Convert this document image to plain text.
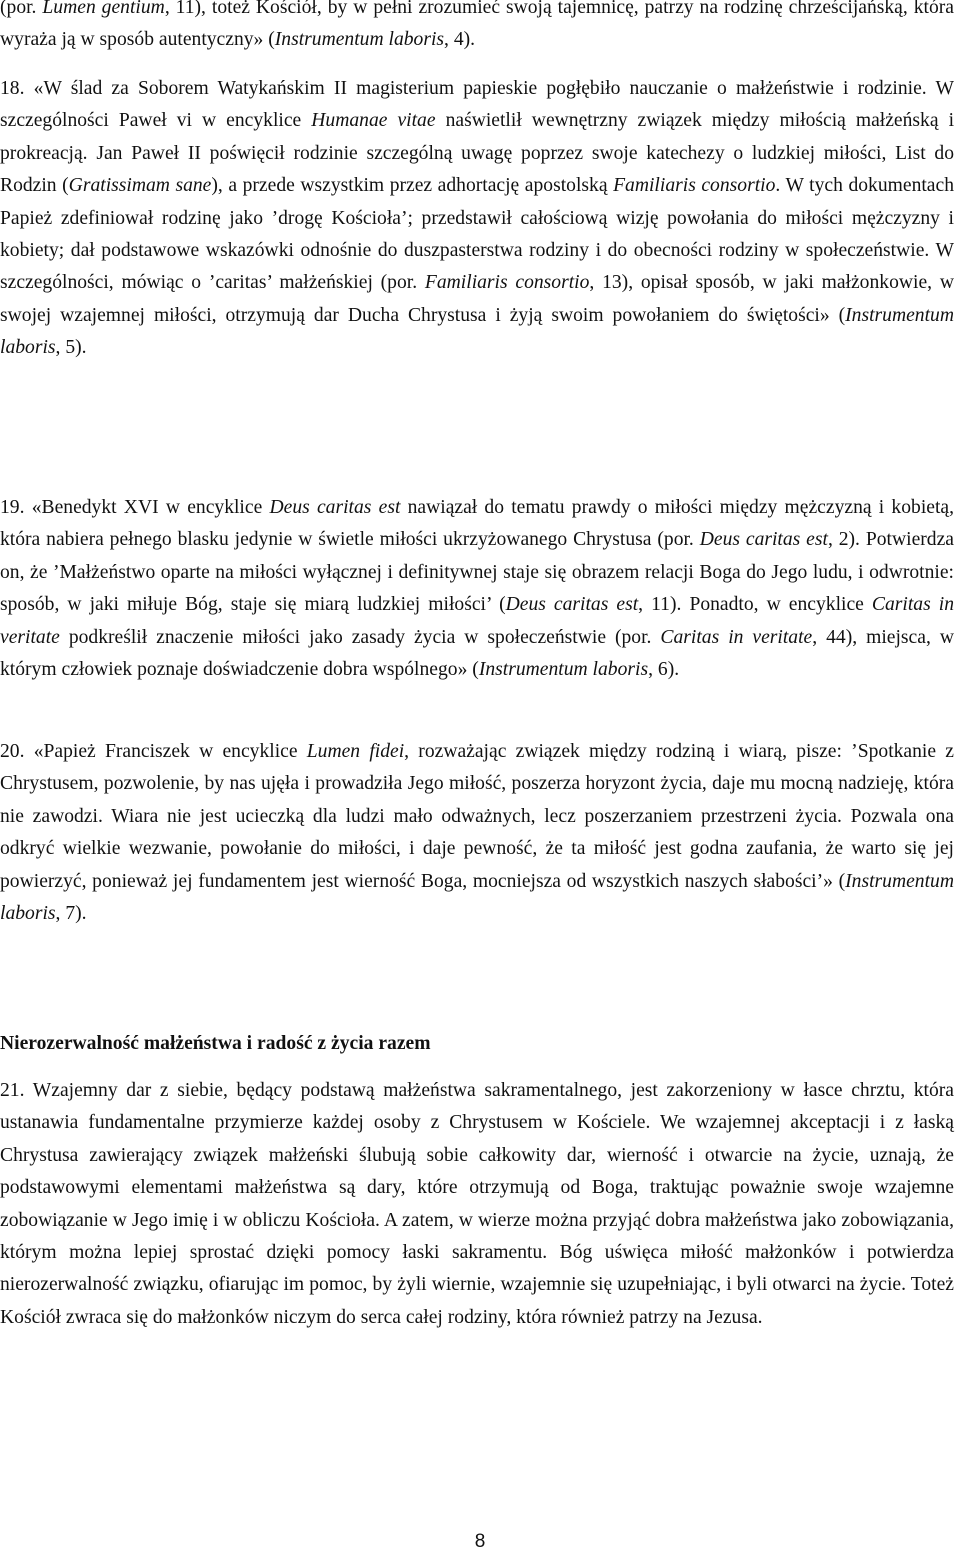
(por. Lumen gentium, 11), toteż Kościół, by w pełni zrozumieć swoją tajemnicę, patrzy na rodzinę chrześcijańską, która wyraża ją w sposób autentyczny» (Instrumentum laboris, 4).

18. «W ślad za Soborem Watykańskim II magisterium papieskie pogłębiło nauczanie o małżeństwie i rodzinie. W szczególności Paweł vi w encyklice Humanae vitae naświetlił wewnętrzny związek między miłością małżeńską i prokreacją. Jan Paweł II poświęcił rodzinie szczególną uwagę poprzez swoje katechezy o ludzkiej miłości, List do Rodzin (Gratissimam sane), a przede wszystkim przez adhortację apostolską Familiaris consortio. W tych dokumentach Papież zdefiniował rodzinę jako ’drogę Kościoła’; przedstawił całościową wizję powołania do miłości mężczyzny i kobiety; dał podstawowe wskazówki odnośnie do duszpasterstwa rodziny i do obecności rodziny w społeczeństwie. W szczególności, mówiąc o ’caritas’ małżeńskiej (por. Familiaris consortio, 13), opisał sposób, w jaki małżonkowie, w swojej wzajemnej miłości, otrzymują dar Ducha Chrystusa i żyją swoim powołaniem do świętości» (Instrumentum laboris, 5).

19. «Benedykt XVI w encyklice Deus caritas est nawiązał do tematu prawdy o miłości między mężczyzną i kobietą, która nabiera pełnego blasku jedynie w świetle miłości ukrzyżowanego Chrystusa (por. Deus caritas est, 2). Potwierdza on, że ’Małżeństwo oparte na miłości wyłącznej i definitywnej staje się obrazem relacji Boga do Jego ludu, i odwrotnie: sposób, w jaki miłuje Bóg, staje się miarą ludzkiej miłości’ (Deus caritas est, 11). Ponadto, w encyklice Caritas in veritate podkreślił znaczenie miłości jako zasady życia w społeczeństwie (por. Caritas in veritate, 44), miejsca, w którym człowiek poznaje doświadczenie dobra wspólnego» (Instrumentum laboris, 6).

20. «Papież Franciszek w encyklice Lumen fidei, rozważając związek między rodziną i wiarą, pisze: ’Spotkanie z Chrystusem, pozwolenie, by nas ujęła i prowadziła Jego miłość, poszerza horyzont życia, daje mu mocną nadzieję, która nie zawodzi. Wiara nie jest ucieczką dla ludzi mało odważnych, lecz poszerzaniem przestrzeni życia. Pozwala ona odkryć wielkie wezwanie, powołanie do miłości, i daje pewność, że ta miłość jest godna zaufania, że warto się jej powierzyć, ponieważ jej fundamentem jest wierność Boga, mocniejsza od wszystkich naszych słabości’» (Instrumentum laboris, 7).

Nierozerwalność małżeństwa i radość z życia razem

21. Wzajemny dar z siebie, będący podstawą małżeństwa sakramentalnego, jest zakorzeniony w łasce chrztu, która ustanawia fundamentalne przymierze każdej osoby z Chrystusem w Kościele. We wzajemnej akceptacji i z łaską Chrystusa zawierający związek małżeński ślubują sobie całkowity dar, wierność i otwarcie na życie, uznają, że podstawowymi elementami małżeństwa są dary, które otrzymują od Boga, traktując poważnie swoje wzajemne zobowiązanie w Jego imię i w obliczu Kościoła. A zatem, w wierze można przyjąć dobra małżeństwa jako zobowiązania, którym można lepiej sprostać dzięki pomocy łaski sakramentu. Bóg uświęca miłość małżonków i potwierdza nierozerwalność związku, ofiarując im pomoc, by żyli wiernie, wzajemnie się uzupełniając, i byli otwarci na życie. Toteż Kościół zwraca się do małżonków niczym do serca całej rodziny, która również patrzy na Jezusa.

8
